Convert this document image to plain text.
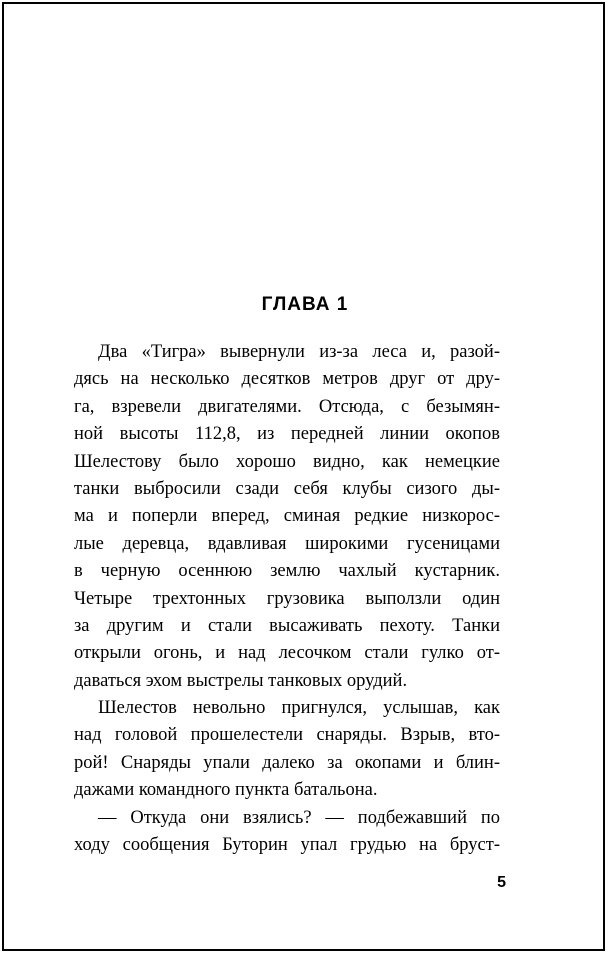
ГЛАВА 1
Два «Тигра» вывернули из-за леса и, разой-
дясь на несколько десятков метров друг от дру-
га, взревели двигателями. Отсюда, с безымян-
ной высоты 112,8, из передней линии окопов
Шелестову было хорошо видно, как немецкие
танки выбросили сзади себя клубы сизого ды-
ма и поперли вперед, сминая редкие низкорос-
лые деревца, вдавливая широкими гусеницами
в черную осеннюю землю чахлый кустарник.
Четыре трехтонных грузовика выползли один
за другим и стали высаживать пехоту. Танки
открыли огонь, и над лесочком стали гулко от-
даваться эхом выстрелы танковых орудий.
Шелестов невольно пригнулся, услышав, как
над головой прошелестели снаряды. Взрыв, вто-
рой! Снаряды упали далеко за окопами и блин-
дажами командного пункта батальона.
— Откуда они взялись? — подбежавший по
ходу сообщения Буторин упал грудью на бруст-
5
